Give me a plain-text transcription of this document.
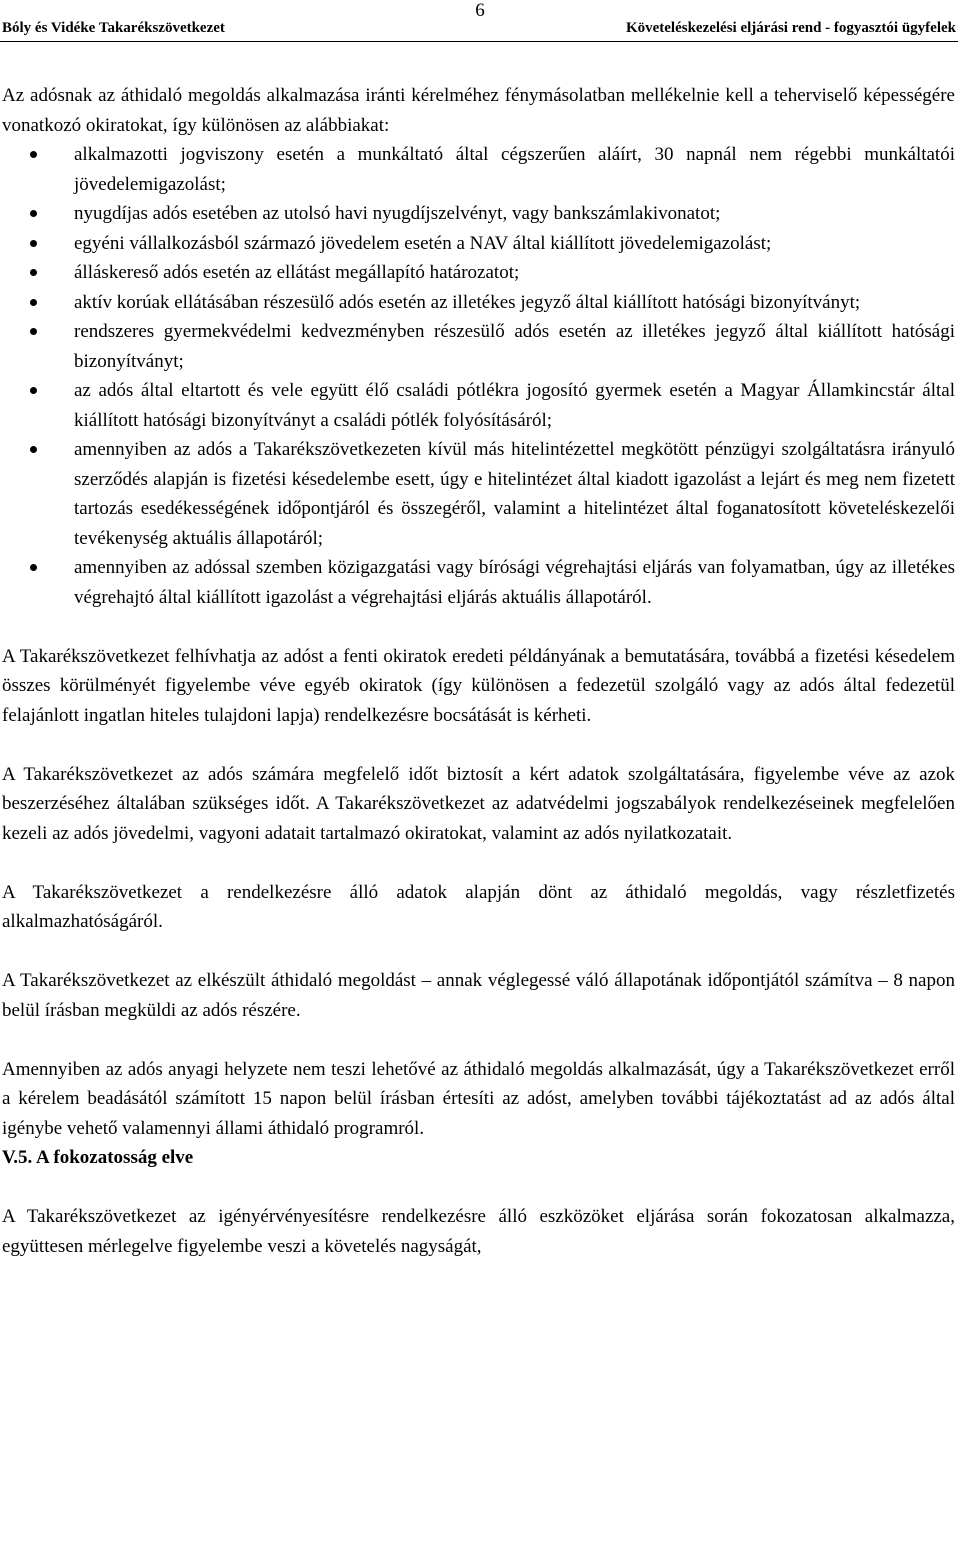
6
Bóly és Vidéke Takarékszövetkezet	Követeléskezelési eljárási rend - fogyasztói ügyfelek

Az adósnak az áthidaló megoldás alkalmazása iránti kérelméhez fénymásolatban mellékelnie kell a teherviselő képességére vonatkozó okiratokat, így különösen az alábbiakat:

alkalmazotti jogviszony esetén a munkáltató által cégszerűen aláírt, 30 napnál nem régebbi munkáltatói jövedelemigazolást;
nyugdíjas adós esetében az utolsó havi nyugdíjszelvényt, vagy bankszámlakivonatot;
egyéni vállalkozásból származó jövedelem esetén a NAV által kiállított jövedelemigazolást;
álláskereső adós esetén az ellátást megállapító határozatot;
aktív korúak ellátásában részesülő adós esetén az illetékes jegyző által kiállított hatósági bizonyítványt;
rendszeres gyermekvédelmi kedvezményben részesülő adós esetén az illetékes jegyző által kiállított hatósági bizonyítványt;
az adós által eltartott és vele együtt élő családi pótlékra jogosító gyermek esetén a Magyar Államkincstár által kiállított hatósági bizonyítványt a családi pótlék folyósításáról;
amennyiben az adós a Takarékszövetkezeten kívül más hitelintézettel megkötött pénzügyi szolgáltatásra irányuló szerződés alapján is fizetési késedelembe esett, úgy e hitelintézet által kiadott igazolást a lejárt és meg nem fizetett tartozás esedékességének időpontjáról és összegéről, valamint a hitelintézet által foganatosított követeléskezelői tevékenység aktuális állapotáról;
amennyiben az adóssal szemben közigazgatási vagy bírósági végrehajtási eljárás van folyamatban, úgy az illetékes végrehajtó által kiállított igazolást a végrehajtási eljárás aktuális állapotáról.

A Takarékszövetkezet felhívhatja az adóst a fenti okiratok eredeti példányának a bemutatására, továbbá a fizetési késedelem összes körülményét figyelembe véve egyéb okiratok (így különösen a fedezetül szolgáló vagy az adós által fedezetül felajánlott ingatlan hiteles tulajdoni lapja) rendelkezésre bocsátását is kérheti.

A Takarékszövetkezet az adós számára megfelelő időt biztosít a kért adatok szolgáltatására, figyelembe véve az azok beszerzéséhez általában szükséges időt. A Takarékszövetkezet az adatvédelmi jogszabályok rendelkezéseinek megfelelően kezeli az adós jövedelmi, vagyoni adatait tartalmazó okiratokat, valamint az adós nyilatkozatait.

A Takarékszövetkezet a rendelkezésre álló adatok alapján dönt az áthidaló megoldás, vagy részletfizetés alkalmazhatóságáról.

A Takarékszövetkezet az elkészült áthidaló megoldást – annak véglegessé váló állapotának időpontjától számítva – 8 napon belül írásban megküldi az adós részére.

Amennyiben az adós anyagi helyzete nem teszi lehetővé az áthidaló megoldás alkalmazását, úgy a Takarékszövetkezet erről a kérelem beadásától számított 15 napon belül írásban értesíti az adóst, amelyben további tájékoztatást ad az adós által igénybe vehető valamennyi állami áthidaló programról.

V.5. A fokozatosság elve

A Takarékszövetkezet az igényérvényesítésre rendelkezésre álló eszközöket eljárása során fokozatosan alkalmazza, együttesen mérlegelve figyelembe veszi a követelés nagyságát,
